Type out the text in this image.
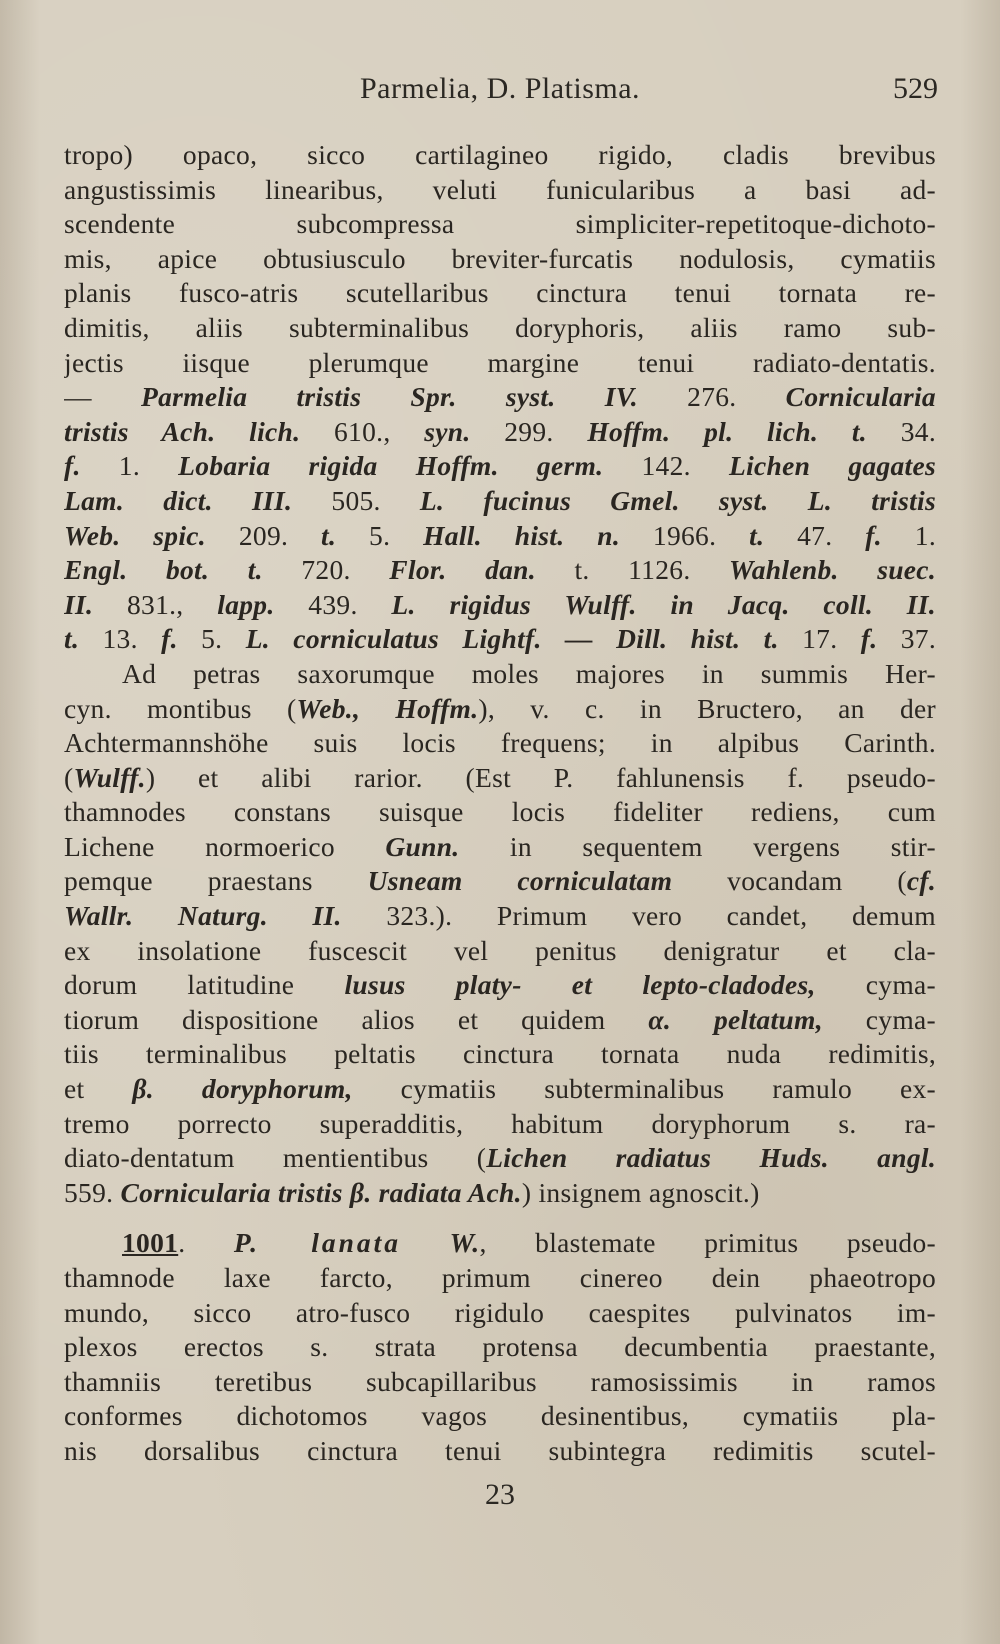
Parmelia, D. Platisma.	529
tropo) opaco, sicco cartilagineo rigido, cladis brevibus
angustissimis linearibus, veluti funicularibus a basi ad-
scendente subcompressa simpliciter-repetitoque-dichoto-
mis, apice obtusiusculo breviter-furcatis nodulosis, cymatiis
planis fusco-atris scutellaribus cinctura tenui tornata re-
dimitis, aliis subterminalibus doryphoris, aliis ramo sub-
jectis iisque plerumque margine tenui radiato-dentatis.
— Parmelia tristis Spr. syst. IV. 276. Cornicularia
tristis Ach. lich. 610., syn. 299. Hoffm. pl. lich. t. 34.
f. 1. Lobaria rigida Hoffm. germ. 142. Lichen gagates
Lam. dict. III. 505. L. fucinus Gmel. syst. L. tristis
Web. spic. 209. t. 5. Hall. hist. n. 1966. t. 47. f. 1.
Engl. bot. t. 720. Flor. dan. t. 1126. Wahlenb. suec.
II. 831., lapp. 439. L. rigidus Wulff. in Jacq. coll. II.
t. 13. f. 5. L. corniculatus Lightf. — Dill. hist. t. 17. f. 37.
Ad petras saxorumque moles majores in summis Her-
cyn. montibus (Web., Hoffm.), v. c. in Bructero, an der
Achtermannshöhe suis locis frequens; in alpibus Carinth.
(Wulff.) et alibi rarior. (Est P. fahlunensis f. pseudo-
thamnodes constans suisque locis fideliter rediens, cum
Lichene normoerico Gunn. in sequentem vergens stir-
pemque praestans Usneam corniculatam vocandam (cf.
Wallr. Naturg. II. 323.). Primum vero candet, demum
ex insolatione fuscescit vel penitus denigratur et cla-
dorum latitudine lusus platy- et lepto-cladodes, cyma-
tiorum dispositione alios et quidem α. peltatum, cyma-
tiis terminalibus peltatis cinctura tornata nuda redimitis,
et β. doryphorum, cymatiis subterminalibus ramulo ex-
tremo porrecto superadditis, habitum doryphorum s. ra-
diato-dentatum mentientibus (Lichen radiatus Huds. angl.
559. Cornicularia tristis β. radiata Ach.) insignem agnoscit.)
1001. P. lanata W., blastemate primitus pseudo-
thamnode laxe farcto, primum cinereo dein phaeotropo
mundo, sicco atro-fusco rigidulo caespites pulvinatos im-
plexos erectos s. strata protensa decumbentia praestante,
thamniis teretibus subcapillaribus ramosissimis in ramos
conformes dichotomos vagos desinentibus, cymatiis pla-
nis dorsalibus cinctura tenui subintegra redimitis scutel-
23
